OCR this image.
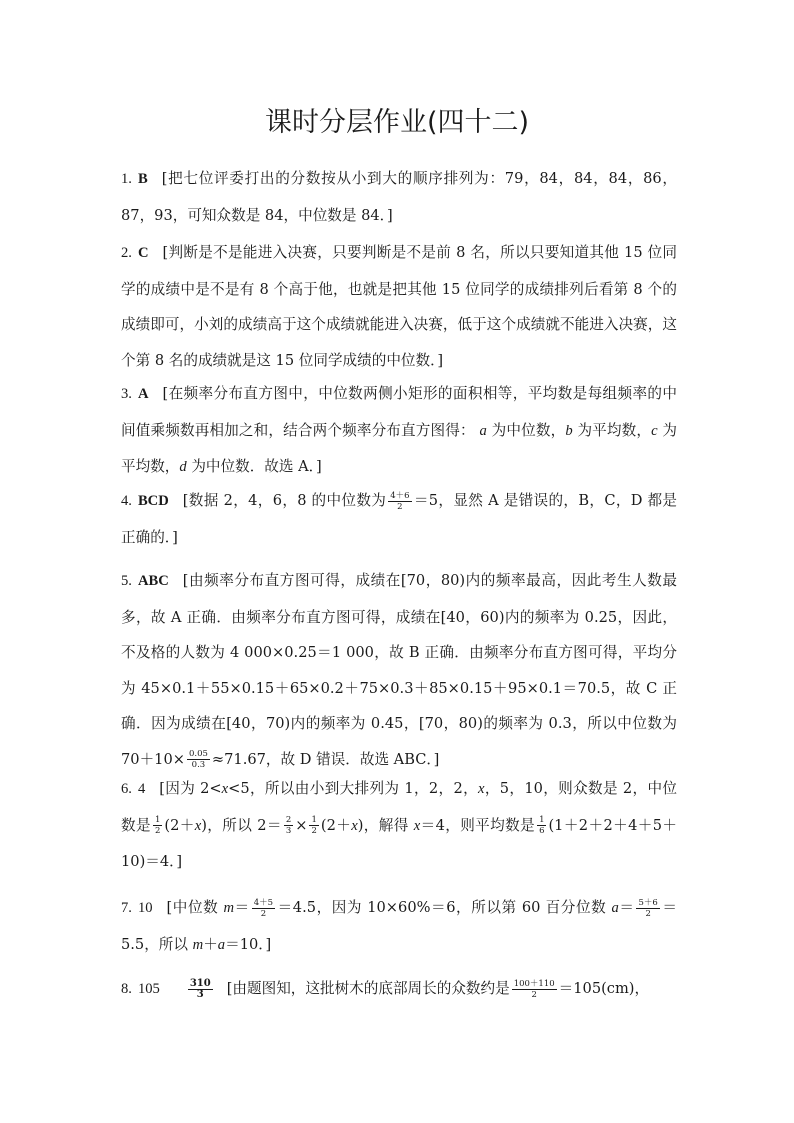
课时分层作业(四十二)
1. B [把七位评委打出的分数按从小到大的顺序排列为：79，84，84，84，86，87，93，可知众数是 84，中位数是 84．]
2. C [判断是不是能进入决赛，只要判断是不是前 8 名，所以只要知道其他 15 位同学的成绩中是不是有 8 个高于他，也就是把其他 15 位同学的成绩排列后看第 8 个的成绩即可，小刘的成绩高于这个成绩就能进入决赛，低于这个成绩就不能进入决赛，这个第 8 名的成绩就是这 15 位同学成绩的中位数．]
3. A [在频率分布直方图中，中位数两侧小矩形的面积相等，平均数是每组频率的中间值乘频数再相加之和，结合两个频率分布直方图得： a 为中位数，b 为平均数，c 为平均数，d 为中位数．故选 A．]
4. BCD [数据 2，4，6，8 的中位数为 $\frac{4+6}{2} =5$，显然 A 是错误的，B，C，D 都是正确的．]
5. ABC [由频率分布直方图可得，成绩在[70，80)内的频率最高，因此考生人数最多，故 A 正确．由频率分布直方图可得，成绩在[40，60)内的频率为 0.25，因此，不及格的人数为 4 000×0.25＝1 000，故 B 正确．由频率分布直方图可得，平均分为 45×0.1＋55×0.15＋65×0.2＋75×0.3＋85×0.15＋95×0.1＝70.5，故 C 正确．因为成绩在[40，70)内的频率为 0.45，[70，80)的频率为 0.3，所以中位数为 $70+10\times \frac{0.05}{0.3} \approx 71.67$，故 D 错误．故选 ABC．]
6. 4 [因为 2<x<5，所以由小到大排列为 1，2，2，x，5，10，则众数是 2，中位数是 $\frac{1}{2} (2+x)$，所以 $2= \frac{2}{3} \times \frac{1}{2} (2+x)$，解得 x＝4，则平均数是 $\frac{1}{6} (1+2+2+4+5+10)=4$．]
7. 10 [中位数 $m= \frac{4+5}{2} =4.5$，因为 10×60%＝6，所以第 60 百分位数 $a= \frac{5+6}{2} =5.5$，所以 m＋a＝10．]
8. 105	$\frac{310}{3}$ [由题图知，这批树木的底部周长的众数约是 $\frac{100+110}{2} =105(cm)$，
